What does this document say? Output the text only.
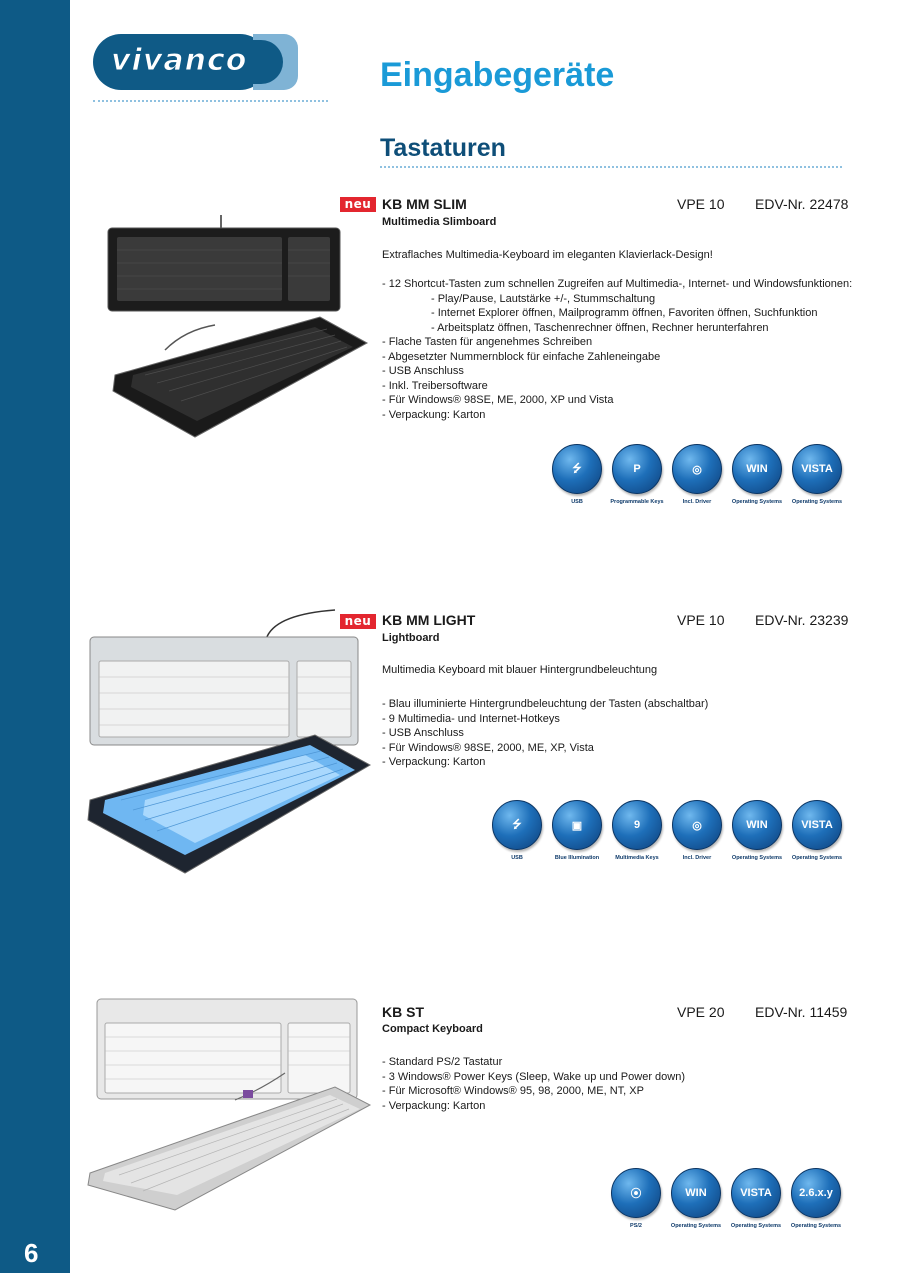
6
vivanco	Eingabegeräte
Tastaturen
neu KB MM SLIM
Multimedia Slimboard
VPE 10 EDV-Nr. 22478
Extraflaches Multimedia-Keyboard im eleganten Klavierlack-Design!
- 12 Shortcut-Tasten zum schnellen Zugreifen auf Multimedia-, Internet- und Windowsfunktionen:
- Play/Pause, Lautstärke +/-, Stummschaltung
- Internet Explorer öffnen, Mailprogramm öffnen, Favoriten öffnen, Suchfunktion
- Arbeitsplatz öffnen, Taschenrechner öffnen, Rechner herunterfahren
- Flache Tasten für angenehmes Schreiben
- Abgesetzter Nummernblock für einfache Zahleneingabe
- USB Anschluss
- Inkl. Treibersoftware
- Für Windows® 98SE, ME, 2000, XP und Vista
- Verpackung: Karton
⭍
USB
P
Programmable Keys
◎
Incl. Driver
WIN
Operating Systems
VISTA
Operating Systems
neu KB MM LIGHT
Lightboard
VPE 10 EDV-Nr. 23239
Multimedia Keyboard mit blauer Hintergrundbeleuchtung
- Blau illuminierte Hintergrundbeleuchtung der Tasten (abschaltbar)
- 9 Multimedia- und Internet-Hotkeys
- USB Anschluss
- Für Windows® 98SE, 2000, ME, XP, Vista
- Verpackung: Karton
⭍
USB
▣
Blue Illumination
9
Multimedia Keys
◎
Incl. Driver
WIN
Operating Systems
VISTA
Operating Systems
KB ST
Compact Keyboard
VPE 20 EDV-Nr. 11459
- Standard PS/2 Tastatur
- 3 Windows® Power Keys (Sleep, Wake up und Power down)
- Für Microsoft® Windows® 95, 98, 2000, ME, NT, XP
- Verpackung: Karton
⦿
PS/2
WIN
Operating Systems
VISTA
Operating Systems
2.6.x.y
Operating Systems
